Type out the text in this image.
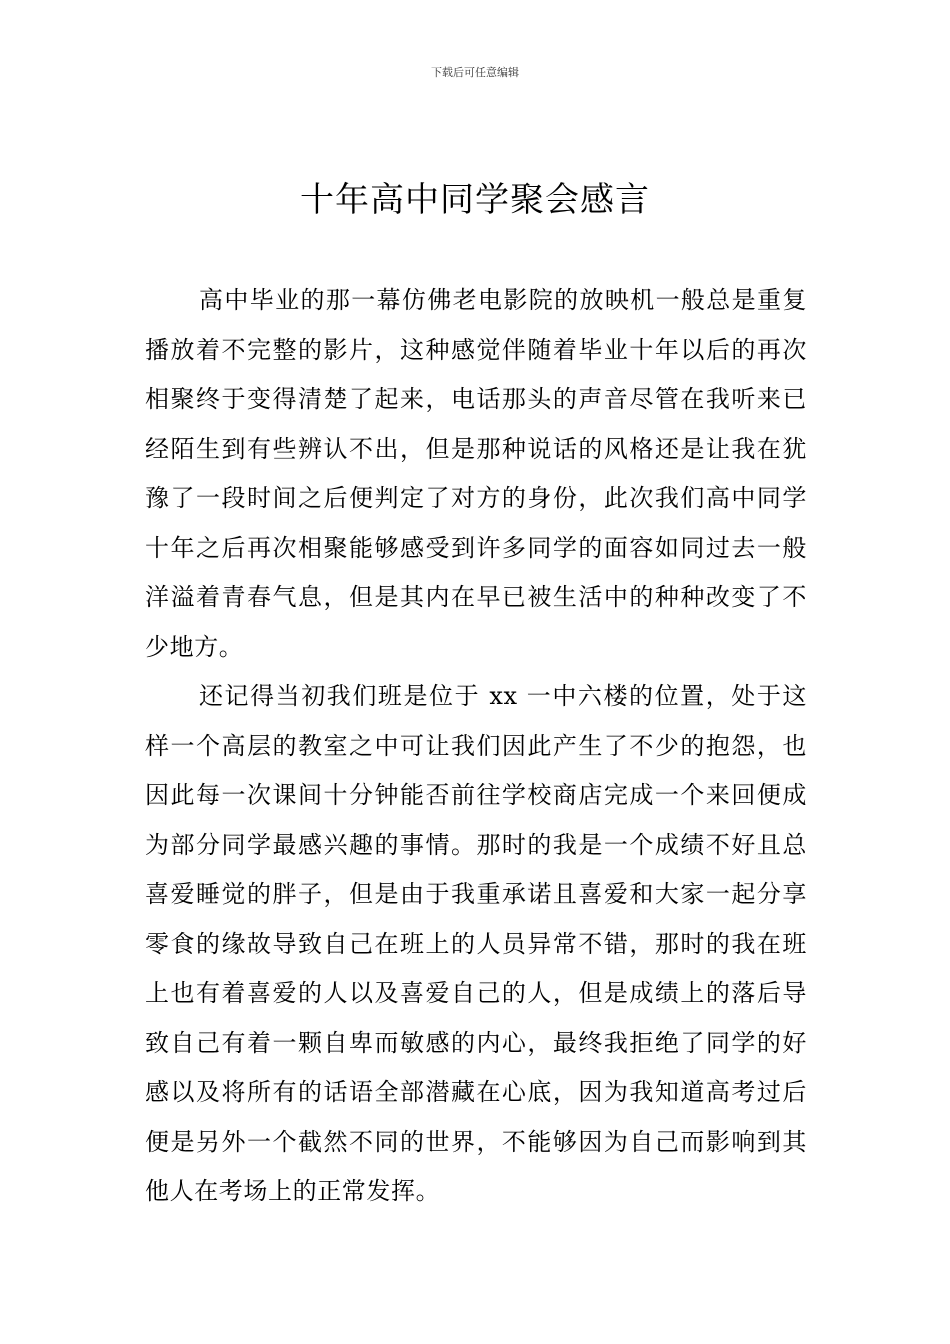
下载后可任意编辑
十年高中同学聚会感言

高中毕业的那一幕仿佛老电影院的放映机一般总是重复播放着不完整的影片，这种感觉伴随着毕业十年以后的再次相聚终于变得清楚了起来，电话那头的声音尽管在我听来已经陌生到有些辨认不出，但是那种说话的风格还是让我在犹豫了一段时间之后便判定了对方的身份，此次我们高中同学十年之后再次相聚能够感受到许多同学的面容如同过去一般洋溢着青春气息，但是其内在早已被生活中的种种改变了不少地方。

还记得当初我们班是位于 xx 一中六楼的位置，处于这样一个高层的教室之中可让我们因此产生了不少的抱怨，也因此每一次课间十分钟能否前往学校商店完成一个来回便成为部分同学最感兴趣的事情。那时的我是一个成绩不好且总喜爱睡觉的胖子，但是由于我重承诺且喜爱和大家一起分享零食的缘故导致自己在班上的人员异常不错，那时的我在班上也有着喜爱的人以及喜爱自己的人，但是成绩上的落后导致自己有着一颗自卑而敏感的内心，最终我拒绝了同学的好感以及将所有的话语全部潜藏在心底，因为我知道高考过后便是另外一个截然不同的世界，不能够因为自己而影响到其他人在考场上的正常发挥。
